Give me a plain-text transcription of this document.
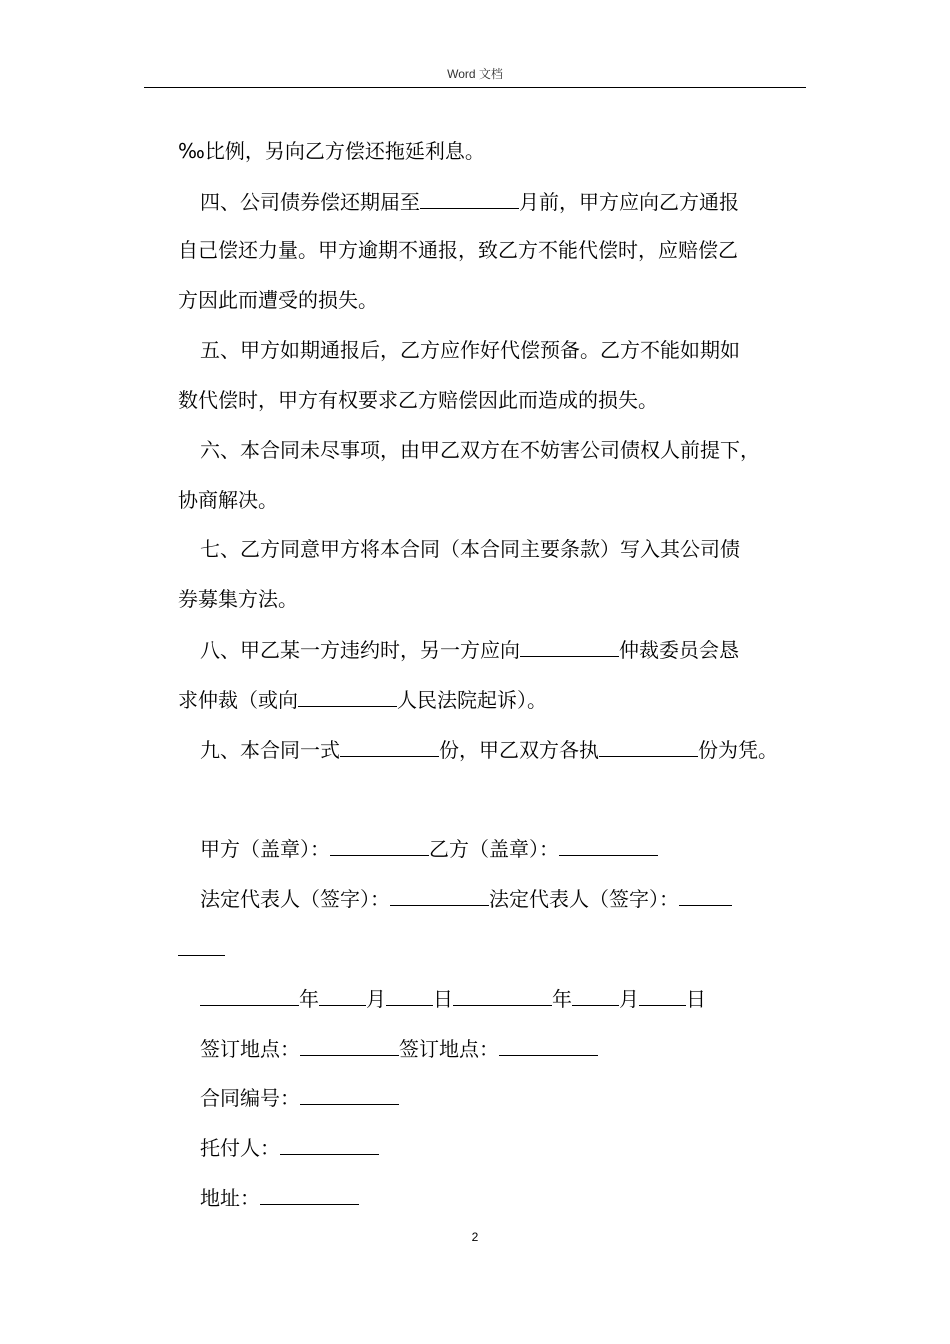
Word 文档
‰比例，另向乙方偿还拖延利息。
四、公司债券偿还期届至	月前，甲方应向乙方通报
自己偿还力量。甲方逾期不通报，致乙方不能代偿时，应赔偿乙
方因此而遭受的损失。
五、甲方如期通报后，乙方应作好代偿预备。乙方不能如期如
数代偿时，甲方有权要求乙方赔偿因此而造成的损失。
六、本合同未尽事项，由甲乙双方在不妨害公司债权人前提下，
协商解决。
七、乙方同意甲方将本合同（本合同主要条款）写入其公司债
券募集方法。
八、甲乙某一方违约时，另一方应向	仲裁委员会恳
求仲裁（或向	人民法院起诉）。
九、本合同一式	份，甲乙双方各执	份为凭。
甲方（盖章）：	乙方（盖章）：
法定代表人（签字）：	法定代表人（签字）：
年 月 日	年 月 日
签订地点：	签订地点：
合同编号：
托付人：
地址：
2
